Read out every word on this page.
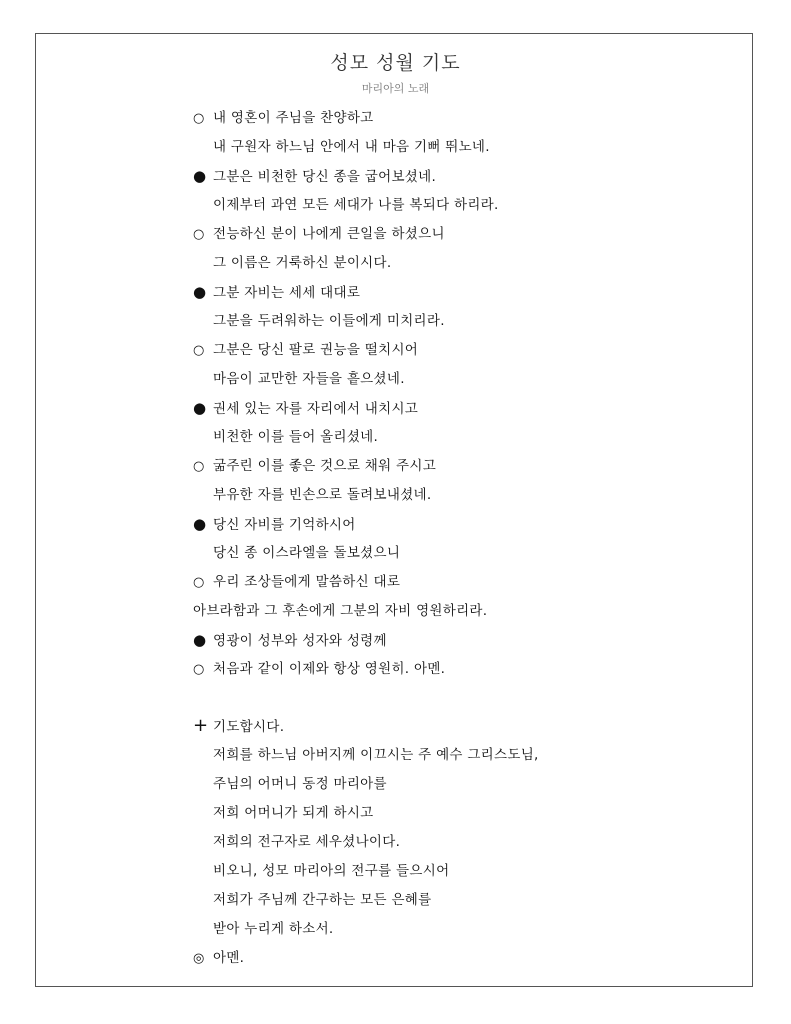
성모 성월 기도
마리아의 노래
○ 내 영혼이 주님을 찬양하고
내 구원자 하느님 안에서 내 마음 기뻐 뛰노네.
● 그분은 비천한 당신 종을 굽어보셨네.
이제부터 과연 모든 세대가 나를 복되다 하리라.
○ 전능하신 분이 나에게 큰일을 하셨으니
그 이름은 거룩하신 분이시다.
● 그분 자비는 세세 대대로
그분을 두려워하는 이들에게 미치리라.
○ 그분은 당신 팔로 권능을 떨치시어
마음이 교만한 자들을 흩으셨네.
● 권세 있는 자를 자리에서 내치시고
비천한 이를 들어 올리셨네.
○ 굶주린 이를 좋은 것으로 채워 주시고
부유한 자를 빈손으로 돌려보내셨네.
● 당신 자비를 기억하시어
당신 종 이스라엘을 돌보셨으니
○ 우리 조상들에게 말씀하신 대로
아브라함과 그 후손에게 그분의 자비 영원하리라.
● 영광이 성부와 성자와 성령께
○ 처음과 같이 이제와 항상 영원히. 아멘.
+ 기도합시다.
저희를 하느님 아버지께 이끄시는 주 예수 그리스도님,
주님의 어머니 동정 마리아를
저희 어머니가 되게 하시고
저희의 전구자로 세우셨나이다.
비오니, 성모 마리아의 전구를 들으시어
저희가 주님께 간구하는 모든 은혜를
받아 누리게 하소서.
◎ 아멘.
